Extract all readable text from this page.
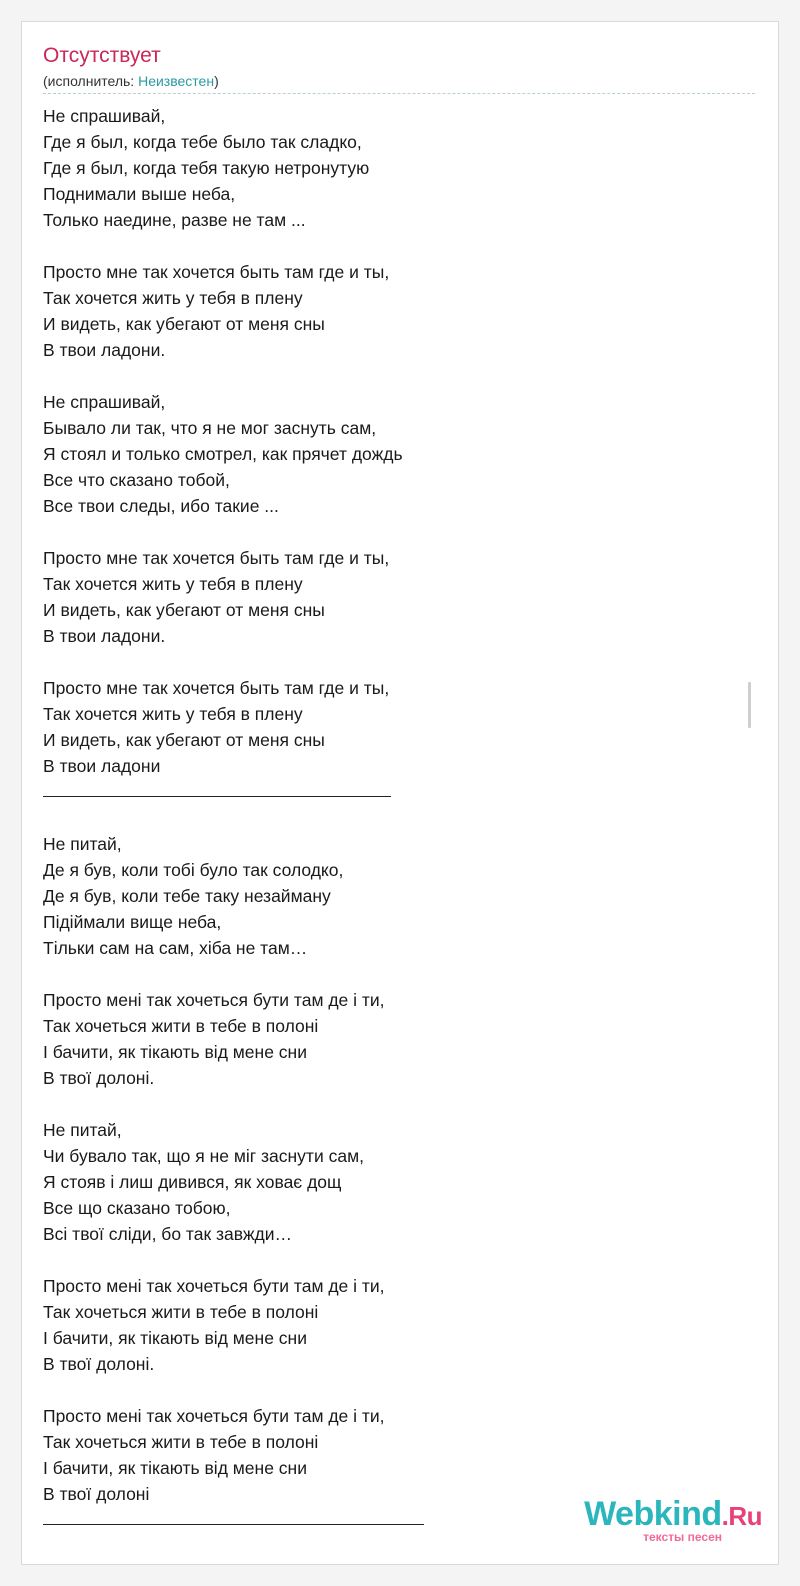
Отсутствует
(исполнитель: Неизвестен)
Не спрашивай,
Где я был, когда тебе было так сладко,
Где я был, когда тебя такую нетронутую
Поднимали выше неба,
Только наедине, разве не там ...
Просто мне так хочется быть там где и ты,
Так хочется жить у тебя в плену
И видеть, как убегают от меня сны
В твои ладони.
Не спрашивай,
Бывало ли так, что я не мог заснуть сам,
Я стоял и только смотрел, как прячет дождь
Все что сказано тобой,
Все твои следы, ибо такие ...
Просто мне так хочется быть там где и ты,
Так хочется жить у тебя в плену
И видеть, как убегают от меня сны
В твои ладони.
Просто мне так хочется быть там где и ты,
Так хочется жить у тебя в плену
И видеть, как убегают от меня сны
В твои ладони
Не питай,
Де я був, коли тобі було так солодко,
Де я був, коли тебе таку незайману
Підіймали вище неба,
Тільки сам на сам, хіба не там…
Просто мені так хочеться бути там де і ти,
Так хочеться жити в тебе в полоні
І бачити, як тікають від мене сни
В твої долоні.
Не питай,
Чи бувало так, що я не міг заснути сам,
Я стояв і лиш дивився, як ховає дощ
Все що сказано тобою,
Всі твої сліди, бо так завжди…
Просто мені так хочеться бути там де і ти,
Так хочеться жити в тебе в полоні
І бачити, як тікають від мене сни
В твої долоні.
Просто мені так хочеться бути там де і ти,
Так хочеться жити в тебе в полоні
І бачити, як тікають від мене сни
В твої долоні
Webkind.Ru
тексты песен
